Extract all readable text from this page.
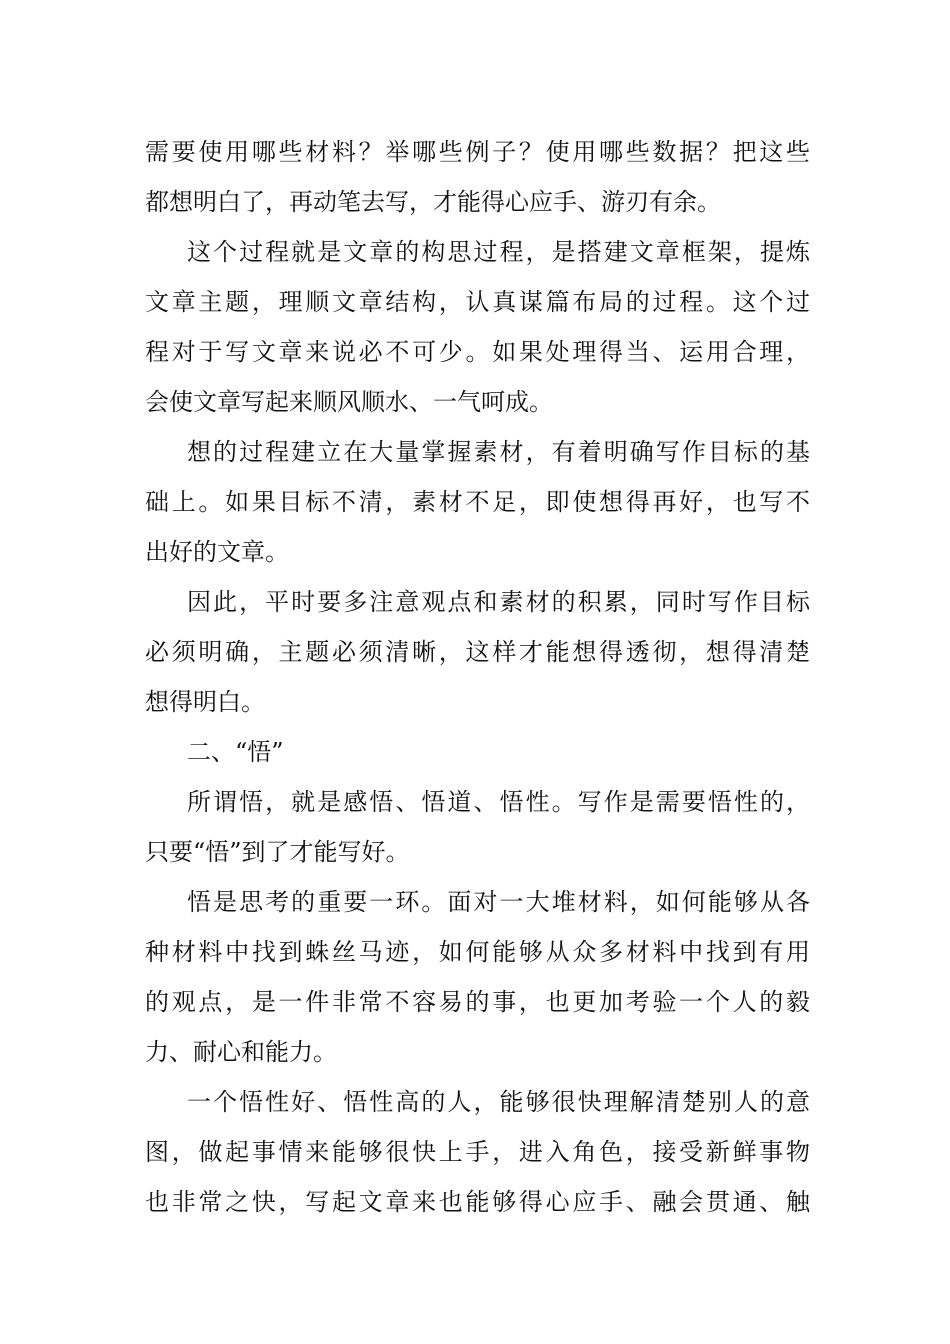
需要使用哪些材料？举哪些例子？使用哪些数据？把这些
都想明白了，再动笔去写，才能得心应手、游刃有余。
这个过程就是文章的构思过程，是搭建文章框架，提炼
文章主题，理顺文章结构，认真谋篇布局的过程。这个过
程对于写文章来说必不可少。如果处理得当、运用合理，
会使文章写起来顺风顺水、一气呵成。
想的过程建立在大量掌握素材，有着明确写作目标的基
础上。如果目标不清，素材不足，即使想得再好，也写不
出好的文章。
因此，平时要多注意观点和素材的积累，同时写作目标
必须明确，主题必须清晰，这样才能想得透彻，想得清楚
想得明白。
二、“悟”
所谓悟，就是感悟、悟道、悟性。写作是需要悟性的，
只要“悟”到了才能写好。
悟是思考的重要一环。面对一大堆材料，如何能够从各
种材料中找到蛛丝马迹，如何能够从众多材料中找到有用
的观点，是一件非常不容易的事，也更加考验一个人的毅
力、耐心和能力。
一个悟性好、悟性高的人，能够很快理解清楚别人的意
图，做起事情来能够很快上手，进入角色，接受新鲜事物
也非常之快，写起文章来也能够得心应手、融会贯通、触
